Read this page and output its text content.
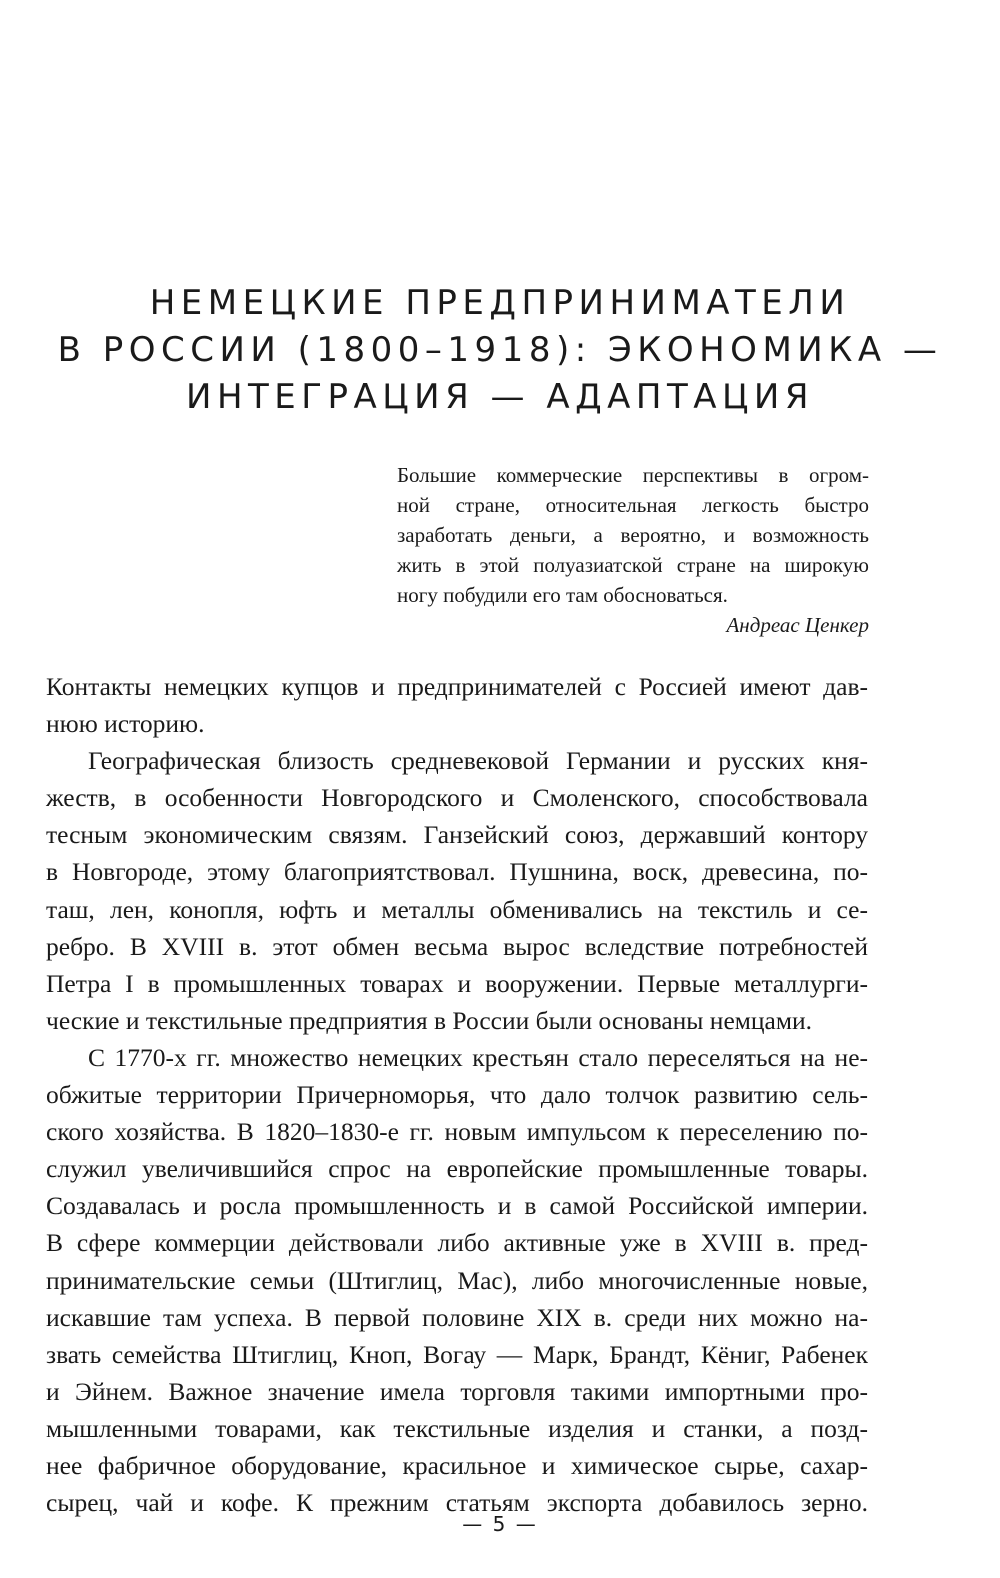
НЕМЕЦКИЕ ПРЕДПРИНИМАТЕЛИ
В РОССИИ (1800–1918): ЭКОНОМИКА —
ИНТЕГРАЦИЯ — АДАПТАЦИЯ
Большие коммерческие перспективы в огром-
ной стране, относительная легкость быстро
заработать деньги, а вероятно, и возможность
жить в этой полуазиатской стране на широкую
ногу побудили его там обосноваться.
Андреас Ценкер
Контакты немецких купцов и предпринимателей с Россией имеют дав-
нюю историю.
Географическая близость средневековой Германии и русских кня-
жеств, в особенности Новгородского и Смоленского, способствовала
тесным экономическим связям. Ганзейский союз, державший контору
в Новгороде, этому благоприятствовал. Пушнина, воск, древесина, по-
таш, лен, конопля, юфть и металлы обменивались на текстиль и се-
ребро. В XVIII в. этот обмен весьма вырос вследствие потребностей
Петра I в промышленных товарах и вооружении. Первые металлурги-
ческие и текстильные предприятия в России были основаны немцами.
С 1770-х гг. множество немецких крестьян стало переселяться на не-
обжитые территории Причерноморья, что дало толчок развитию сель-
ского хозяйства. В 1820–1830-е гг. новым импульсом к переселению по-
служил увеличившийся спрос на европейские промышленные товары.
Создавалась и росла промышленность и в самой Российской империи.
В сфере коммерции действовали либо активные уже в XVIII в. пред-
принимательские семьи (Штиглиц, Мас), либо многочисленные новые,
искавшие там успеха. В первой половине XIX в. среди них можно на-
звать семейства Штиглиц, Кноп, Вогау — Марк, Брандт, Кёниг, Рабенек
и Эйнем. Важное значение имела торговля такими импортными про-
мышленными товарами, как текстильные изделия и станки, а позд-
нее фабричное оборудование, красильное и химическое сырье, сахар-
сырец, чай и кофе. К прежним статьям экспорта добавилось зерно.
— 5 —
